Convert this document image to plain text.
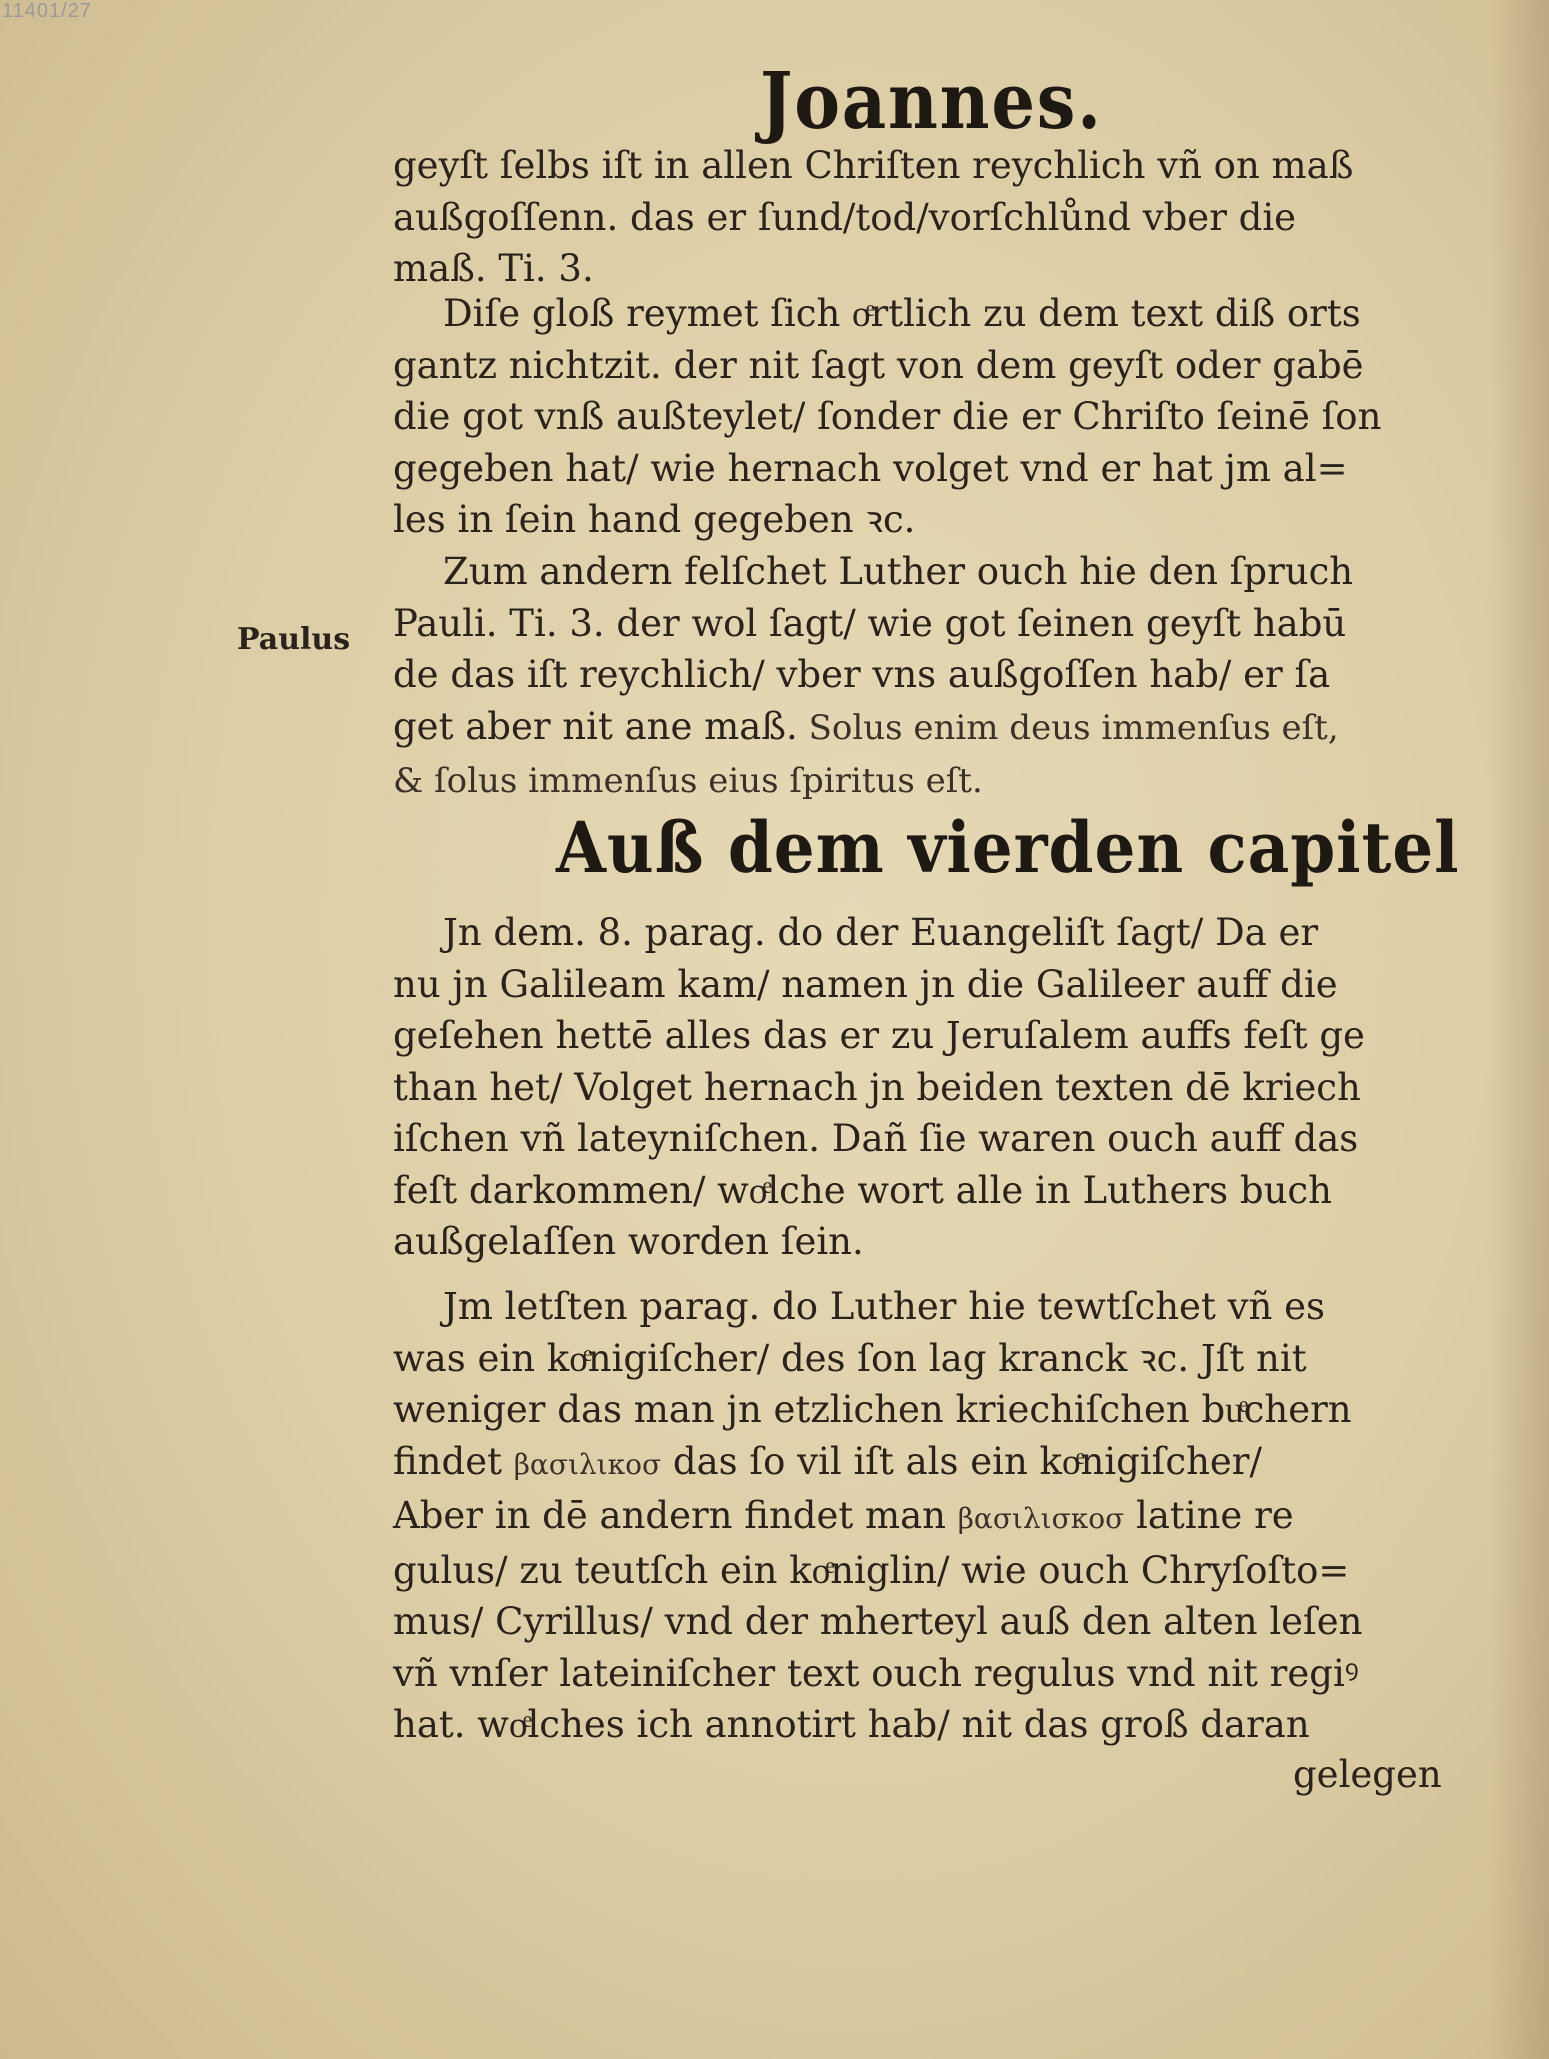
11401/27
Joannes.

geyſt ſelbs iſt in allen Chriſten reychlich vñ on maß
außgoſſenn. das er ſund/tod/vorſchlůnd vber die
maß. Ti. 3.

Diſe gloß reymet ſich oͤrtlich zu dem text diß orts
gantz nichtzit. der nit ſagt von dem geyſt oder gabē
die got vnß außteylet/ ſonder die er Chriſto ſeinē ſon
gegeben hat/ wie hernach volget vnd er hat jm al=
les in ſein hand gegeben ꝛc.

Paulus

Zum andern felſchet Luther ouch hie den ſpruch
Pauli. Ti. 3. der wol ſagt/ wie got ſeinen geyſt habū
de das iſt reychlich/ vber vns außgoſſen hab/ er ſa
get aber nit ane maß. Solus enim deus immenſus eſt,
& ſolus immenſus eius ſpiritus eſt.

Auß dem vierden capitel

Jn dem. 8. parag. do der Euangeliſt ſagt/ Da er
nu jn Galileam kam/ namen jn die Galileer auff die
geſehen hettē alles das er zu Jeruſalem auffs feſt ge
than het/ Volget hernach jn beiden texten dē kriech
iſchen vñ lateyniſchen. Dañ ſie waren ouch auff das
feſt darkommen/ woͤlche wort alle in Luthers buch
außgelaſſen worden ſein.

Jm letſten parag. do Luther hie tewtſchet vñ es
was ein koͤnigiſcher/ des ſon lag kranck ꝛc. Jſt nit
weniger das man jn etzlichen kriechiſchen buͤchern
findet βασιλικοσ das ſo vil iſt als ein koͤnigiſcher/
Aber in dē andern findet man βασιλισκοσ latine re
gulus/ zu teutſch ein koͤniglin/ wie ouch Chryſoſto=
mus/ Cyrillus/ vnd der mherteyl auß den alten leſen
vñ vnſer lateiniſcher text ouch regulus vnd nit regiꝰ
hat. woͤlches ich annotirt hab/ nit das groß daran

gelegen
